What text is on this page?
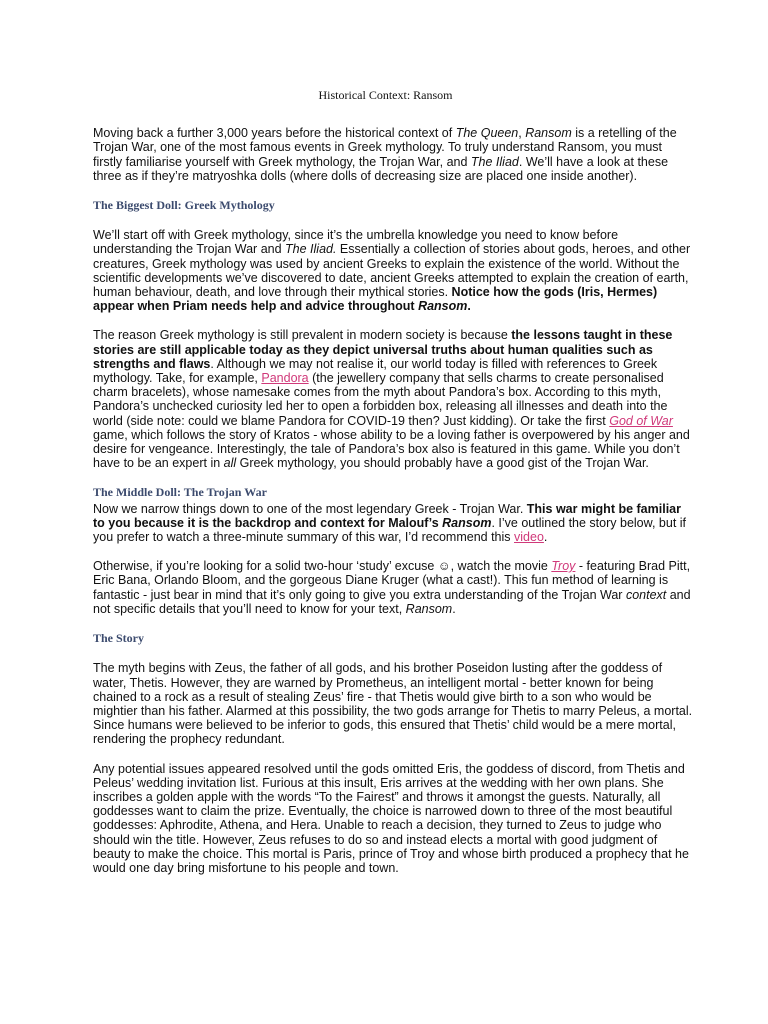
Historical Context: Ransom

Moving back a further 3,000 years before the historical context of The Queen, Ransom is a retelling of the Trojan War, one of the most famous events in Greek mythology. To truly understand Ransom, you must firstly familiarise yourself with Greek mythology, the Trojan War, and The Iliad. We’ll have a look at these three as if they’re matryoshka dolls (where dolls of decreasing size are placed one inside another).

The Biggest Doll: Greek Mythology

We’ll start off with Greek mythology, since it’s the umbrella knowledge you need to know before understanding the Trojan War and The Iliad. Essentially a collection of stories about gods, heroes, and other creatures, Greek mythology was used by ancient Greeks to explain the existence of the world. Without the scientific developments we’ve discovered to date, ancient Greeks attempted to explain the creation of earth, human behaviour, death, and love through their mythical stories. Notice how the gods (Iris, Hermes) appear when Priam needs help and advice throughout Ransom.

The reason Greek mythology is still prevalent in modern society is because the lessons taught in these stories are still applicable today as they depict universal truths about human qualities such as strengths and flaws. Although we may not realise it, our world today is filled with references to Greek mythology. Take, for example, Pandora (the jewellery company that sells charms to create personalised charm bracelets), whose namesake comes from the myth about Pandora’s box. According to this myth, Pandora’s unchecked curiosity led her to open a forbidden box, releasing all illnesses and death into the world (side note: could we blame Pandora for COVID-19 then? Just kidding). Or take the first God of War game, which follows the story of Kratos - whose ability to be a loving father is overpowered by his anger and desire for vengeance. Interestingly, the tale of Pandora’s box also is featured in this game. While you don’t have to be an expert in all Greek mythology, you should probably have a good gist of the Trojan War.

The Middle Doll: The Trojan War

Now we narrow things down to one of the most legendary Greek - Trojan War. This war might be familiar to you because it is the backdrop and context for Malouf’s Ransom. I’ve outlined the story below, but if you prefer to watch a three-minute summary of this war, I’d recommend this video.

Otherwise, if you’re looking for a solid two-hour ‘study’ excuse ☺, watch the movie Troy - featuring Brad Pitt, Eric Bana, Orlando Bloom, and the gorgeous Diane Kruger (what a cast!). This fun method of learning is fantastic - just bear in mind that it’s only going to give you extra understanding of the Trojan War context and not specific details that you’ll need to know for your text, Ransom.

The Story

The myth begins with Zeus, the father of all gods, and his brother Poseidon lusting after the goddess of water, Thetis. However, they are warned by Prometheus, an intelligent mortal - better known for being chained to a rock as a result of stealing Zeus’ fire - that Thetis would give birth to a son who would be mightier than his father. Alarmed at this possibility, the two gods arrange for Thetis to marry Peleus, a mortal. Since humans were believed to be inferior to gods, this ensured that Thetis’ child would be a mere mortal, rendering the prophecy redundant.

Any potential issues appeared resolved until the gods omitted Eris, the goddess of discord, from Thetis and Peleus’ wedding invitation list. Furious at this insult, Eris arrives at the wedding with her own plans. She inscribes a golden apple with the words “To the Fairest” and throws it amongst the guests. Naturally, all goddesses want to claim the prize. Eventually, the choice is narrowed down to three of the most beautiful goddesses: Aphrodite, Athena, and Hera. Unable to reach a decision, they turned to Zeus to judge who should win the title. However, Zeus refuses to do so and instead elects a mortal with good judgment of beauty to make the choice. This mortal is Paris, prince of Troy and whose birth produced a prophecy that he would one day bring misfortune to his people and town.
